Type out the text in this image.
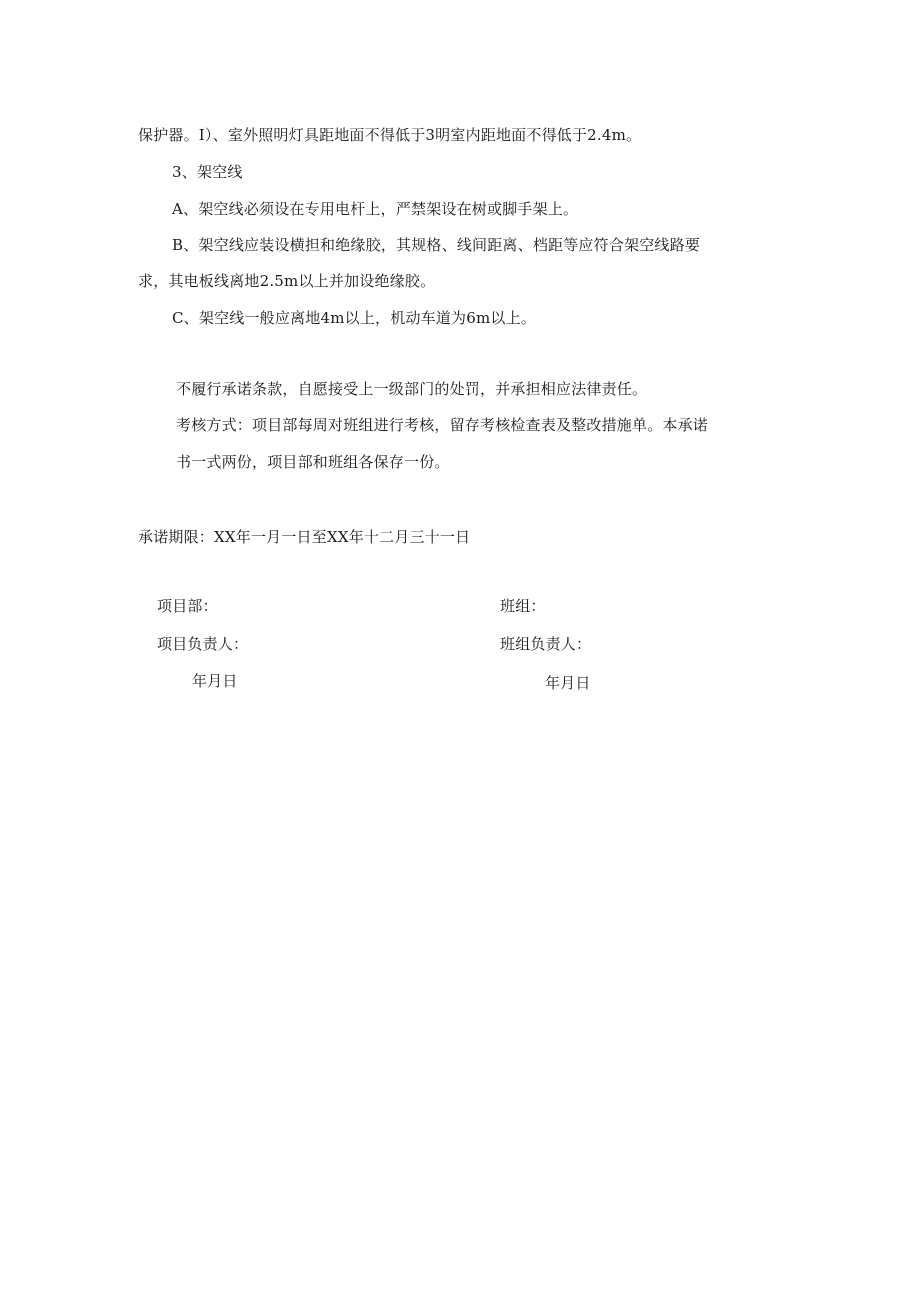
保护器。I）、室外照明灯具距地面不得低于3明室内距地面不得低于2.4m。
3、架空线
A、架空线必须设在专用电杆上，严禁架设在树或脚手架上。
B、架空线应装设横担和绝缘胶，其规格、线间距离、档距等应符合架空线路要
求，其电板线离地2.5m以上并加设绝缘胶。
C、架空线一般应离地4m以上，机动车道为6m以上。
不履行承诺条款，自愿接受上一级部门的处罚，并承担相应法律责任。
考核方式：项目部每周对班组进行考核，留存考核检查表及整改措施单。本承诺
书一式两份，项目部和班组各保存一份。
承诺期限：XX年一月一日至XX年十二月三十一日
项目部：
项目负责人：
年月日
班组：
班组负责人：
年月日
